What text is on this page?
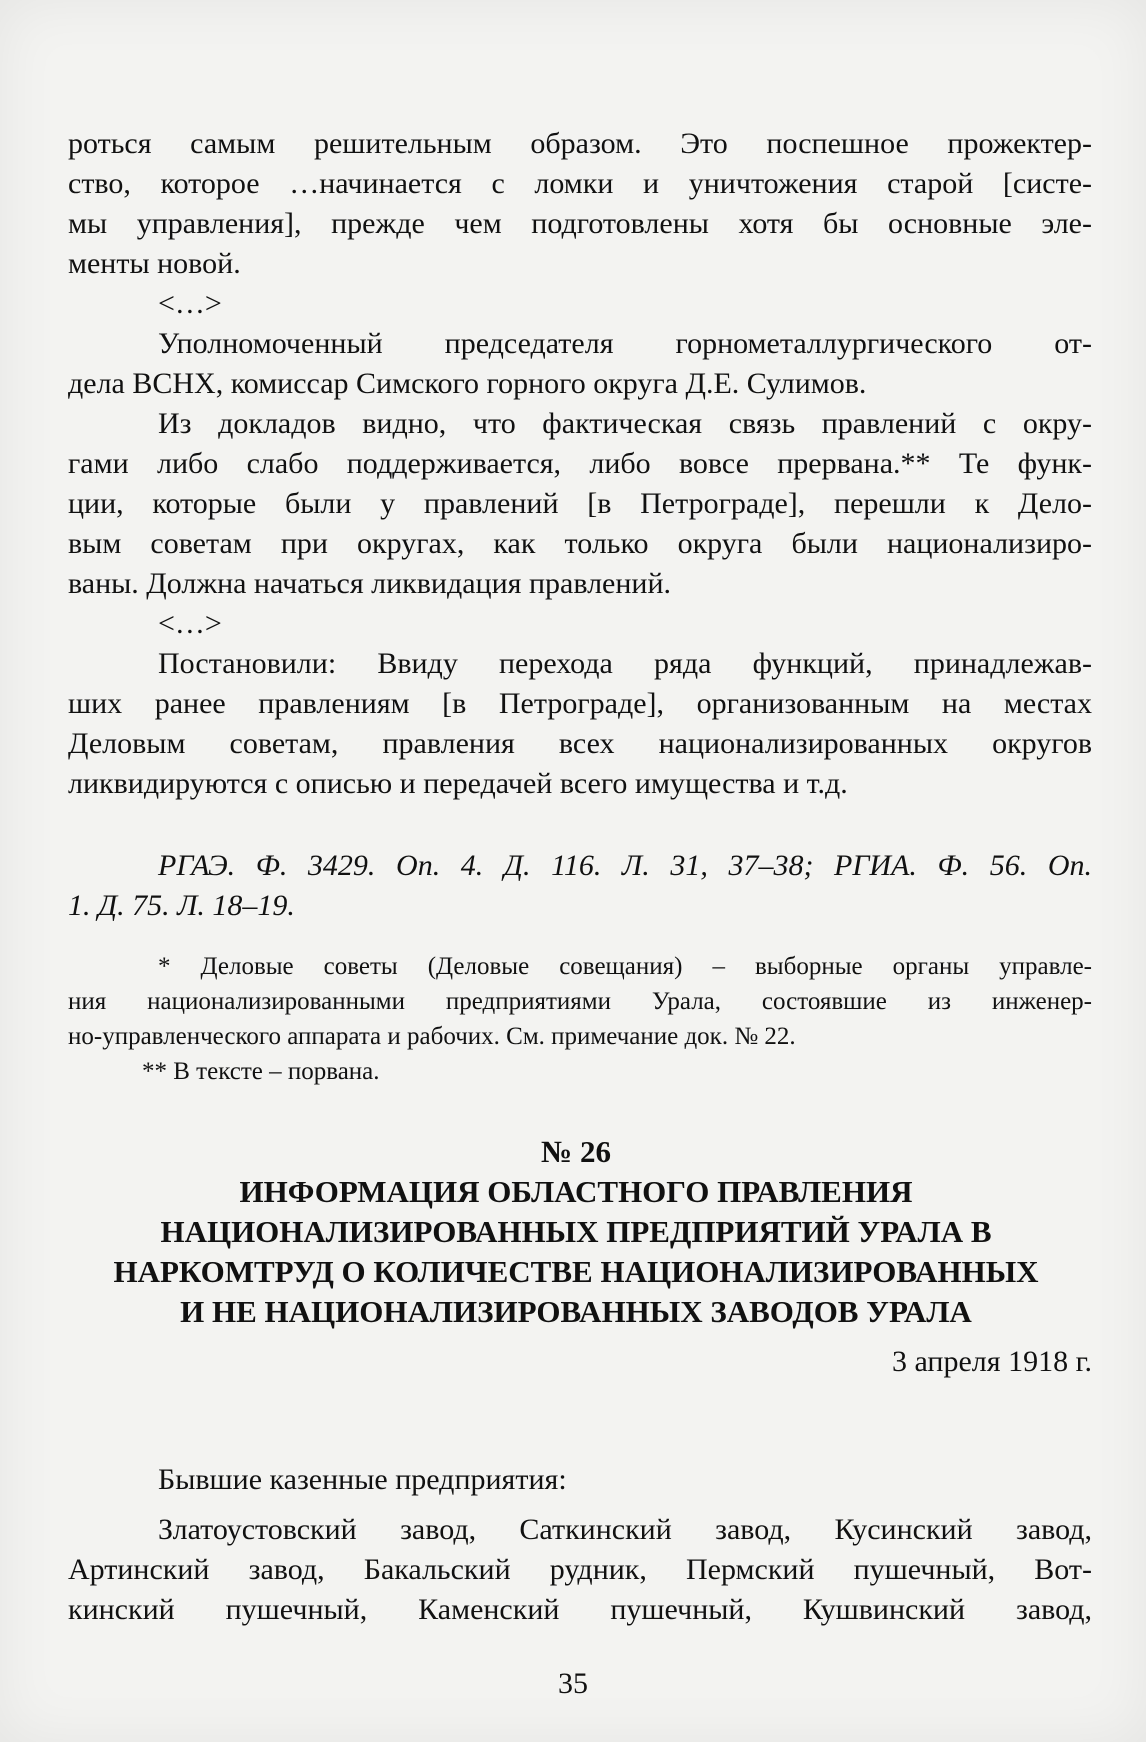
роться самым решительным образом. Это поспешное прожектер-

ство, которое …начинается с ломки и уничтожения старой [систе-

мы управления], прежде чем подготовлены хотя бы основные эле-

менты новой.

<…>

Уполномоченный председателя горнометаллургического от-

дела ВСНХ, комиссар Симского горного округа Д.Е. Сулимов.

Из докладов видно, что фактическая связь правлений с окру-

гами либо слабо поддерживается, либо вовсе прервана.** Те функ-

ции, которые были у правлений [в Петрограде], перешли к Дело-

вым советам при округах, как только округа были национализиро-

ваны. Должна начаться ликвидация правлений.

<…>

Постановили: Ввиду перехода ряда функций, принадлежав-

ших ранее правлениям [в Петрограде], организованным на местах

Деловым советам, правления всех национализированных округов

ликвидируются с описью и передачей всего имущества и т.д.

РГАЭ. Ф. 3429. Оп. 4. Д. 116. Л. 31, 37–38; РГИА. Ф. 56. Оп.

1. Д. 75. Л. 18–19.

* Деловые советы (Деловые совещания) – выборные органы управле-

ния национализированными предприятиями Урала, состоявшие из инженер-

но-управленческого аппарата и рабочих. См. примечание док. № 22.

** В тексте – порвана.

№ 26

ИНФОРМАЦИЯ ОБЛАСТНОГО ПРАВЛЕНИЯ

НАЦИОНАЛИЗИРОВАННЫХ ПРЕДПРИЯТИЙ УРАЛА В

НАРКОМТРУД О КОЛИЧЕСТВЕ НАЦИОНАЛИЗИРОВАННЫХ

И НЕ НАЦИОНАЛИЗИРОВАННЫХ ЗАВОДОВ УРАЛА

3 апреля 1918 г.

Бывшие казенные предприятия:

Златоустовский завод, Саткинский завод, Кусинский завод,

Артинский завод, Бакальский рудник, Пермский пушечный, Вот-

кинский пушечный, Каменский пушечный, Кушвинский завод,

35
